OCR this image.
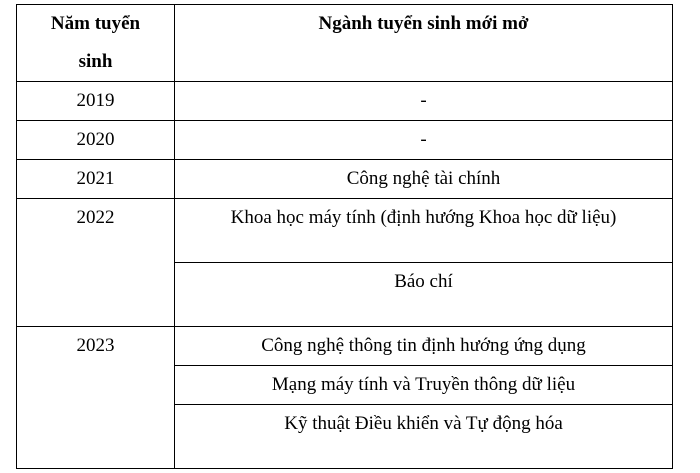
Năm tuyển
sinh	Ngành tuyển sinh mới mở
2019	-
2020	-
2021	Công nghệ tài chính
2022	Khoa học máy tính (định hướng Khoa học dữ liệu)
	Báo chí
2023	Công nghệ thông tin định hướng ứng dụng
	Mạng máy tính và Truyền thông dữ liệu
	Kỹ thuật Điều khiển và Tự động hóa
